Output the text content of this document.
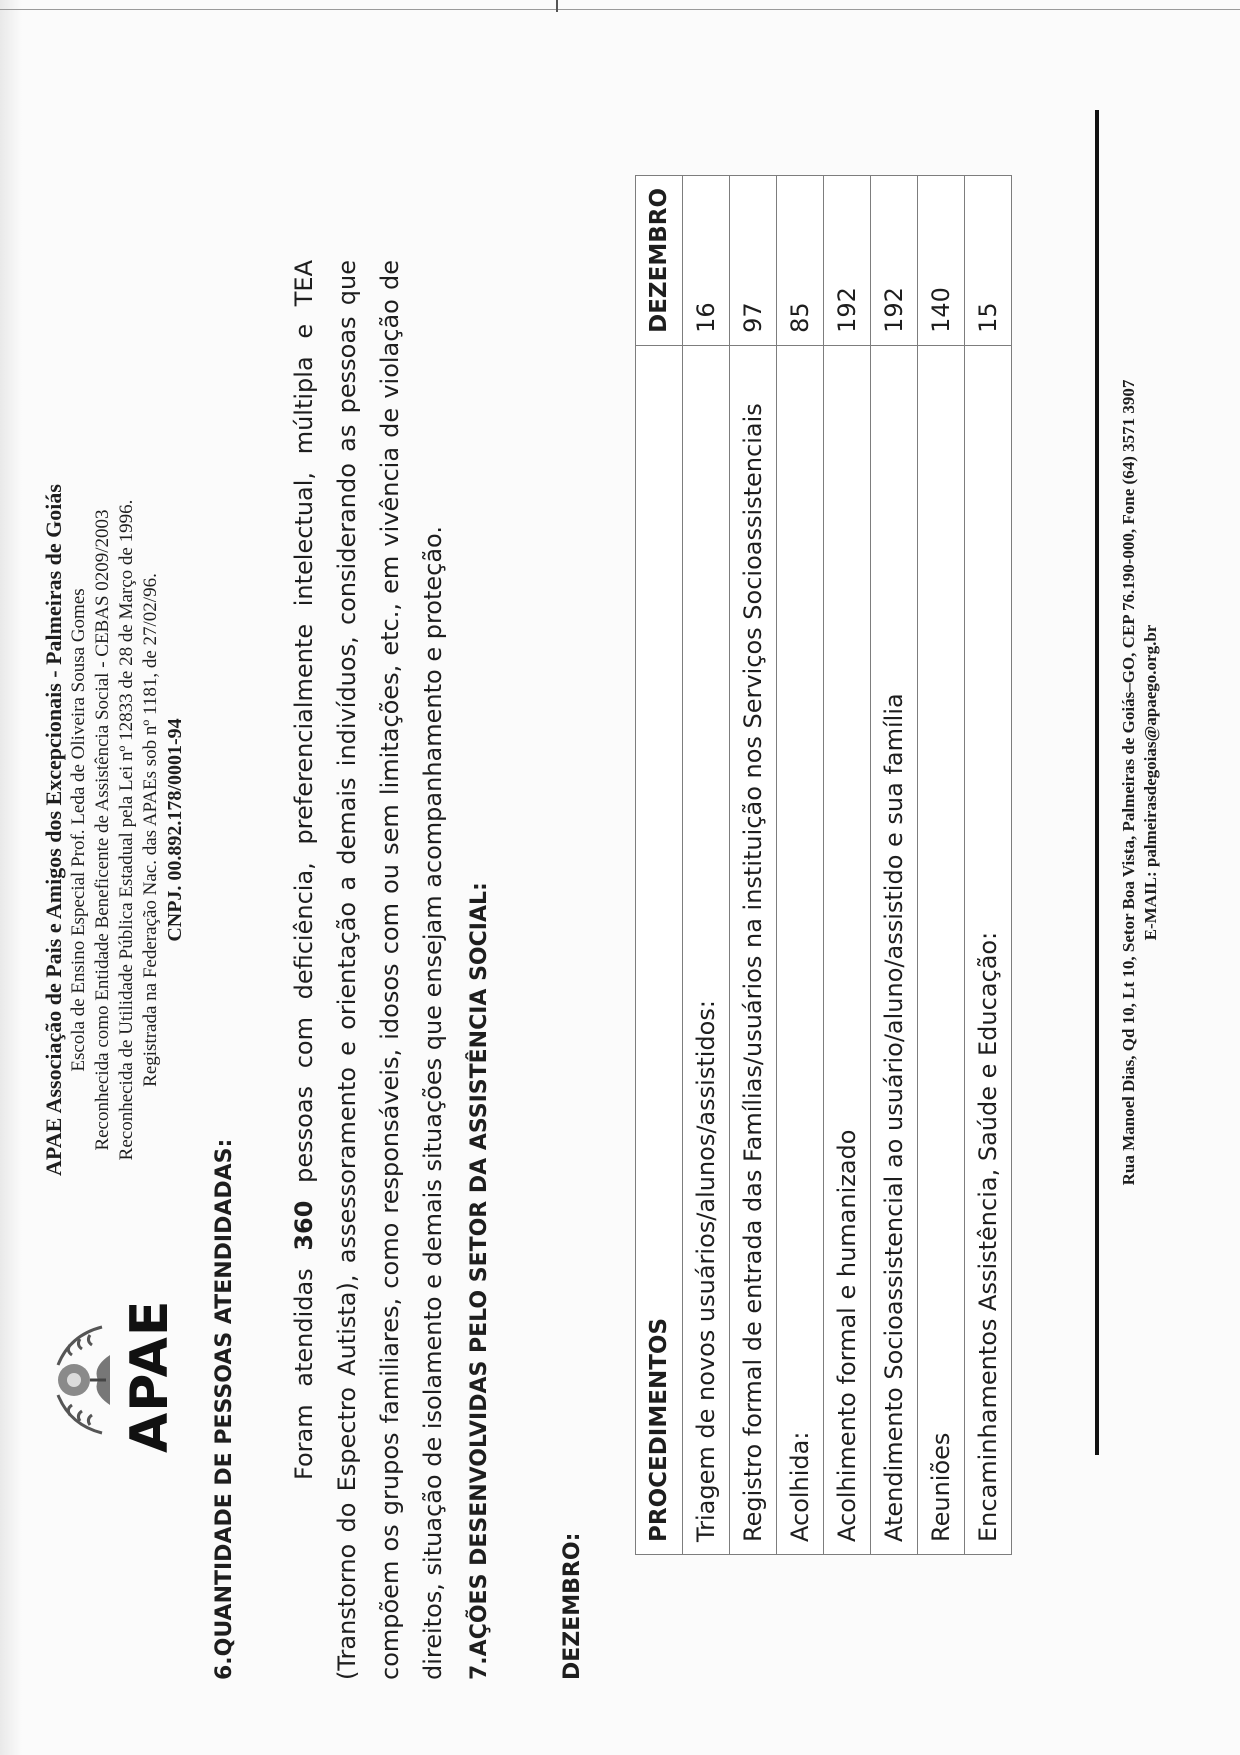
APAE
APAE Associação de Pais e Amigos dos Excepcionais - Palmeiras de Goiás Escola de Ensino Especial Prof. Leda de Oliveira Sousa Gomes Reconhecida como Entidade Beneficente de Assistência Social - CEBAS 0209/2003 Reconhecida de Utilidade Pública Estadual pela Lei nº 12833 de 28 de Março de 1996. Registrada na Federação Nac. das APAEs sob nº 1181, de 27/02/96. CNPJ. 00.892.178/0001-94
6.QUANTIDADE DE PESSOAS ATENDIDADAS: Foram atendidas 360 pessoas com deficiência, preferencialmente intelectual, múltipla e TEA (Transtorno do Espectro Autista), assessoramento e orientação a demais indivíduos, considerando as pessoas que compõem os grupos familiares, como responsáveis, idosos com ou sem limitações, etc., em vivência de violação de direitos, situação de isolamento e demais situações que ensejam acompanhamento e proteção. 7.AÇÕES DESENVOLVIDAS PELO SETOR DA ASSISTÊNCIA SOCIAL:	DEZEMBRO:
PROCEDIMENTOS	DEZEMBRO
Triagem de novos usuários/alunos/assistidos:	16
Registro formal de entrada das Famílias/usuários na instituição nos Serviços Socioassistenciais	97
Acolhida:	85
Acolhimento formal e humanizado	192
Atendimento Socioassistencial ao usuário/aluno/assistido e sua família	192
Reuniões	140
Encaminhamentos Assistência, Saúde e Educação:	15
Rua Manoel Dias, Qd 10, Lt 10, Setor Boa Vista, Palmeiras de Goiás–GO, CEP 76.190-000, Fone (64) 3571 3907 E-MAIL: palmeirasdegoias@apaego.org.br
